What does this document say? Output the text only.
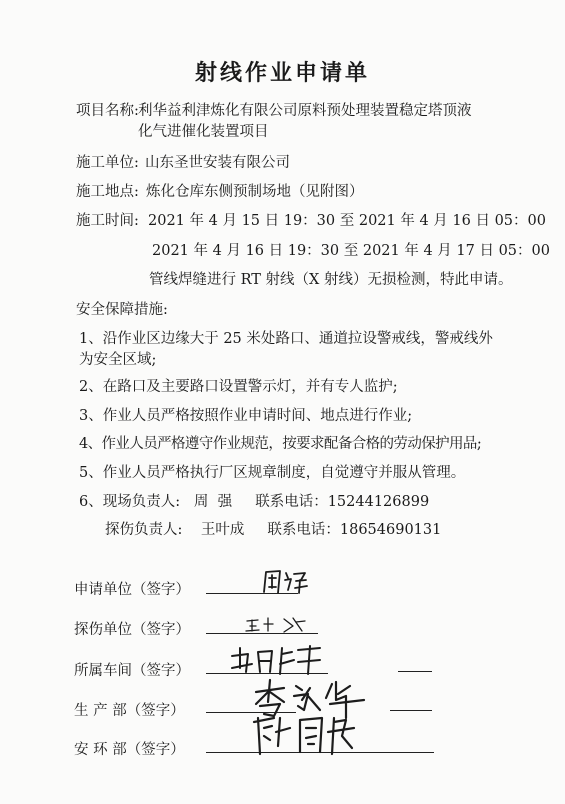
射线作业申请单
项目名称: 利华益利津炼化有限公司原料预处理装置稳定塔顶液
化气进催化装置项目
施工单位: 山东圣世安装有限公司
施工地点: 炼化仓库东侧预制场地（见附图）
施工时间: 2021 年 4 月 15 日 19：30 至 2021 年 4 月 16 日 05：00
2021 年 4 月 16 日 19：30 至 2021 年 4 月 17 日 05：00
管线焊缝进行 RT 射线（X 射线）无损检测，特此申请。
安全保障措施:
1、沿作业区边缘大于 25 米处路口、通道拉设警戒线，警戒线外
为安全区域;
2、在路口及主要路口设置警示灯，并有专人监护;
3、作业人员严格按照作业申请时间、地点进行作业;
4、作业人员严格遵守作业规范，按要求配备合格的劳动保护用品;
5、作业人员严格执行厂区规章制度，自觉遵守并服从管理。
6、现场负责人:   周  强     联系电话：15244126899
探伤负责人:    王叶成     联系电话：18654690131
申请单位（签字）
探伤单位（签字）
所属车间（签字）
生 产 部（签字）
安 环 部（签字）
